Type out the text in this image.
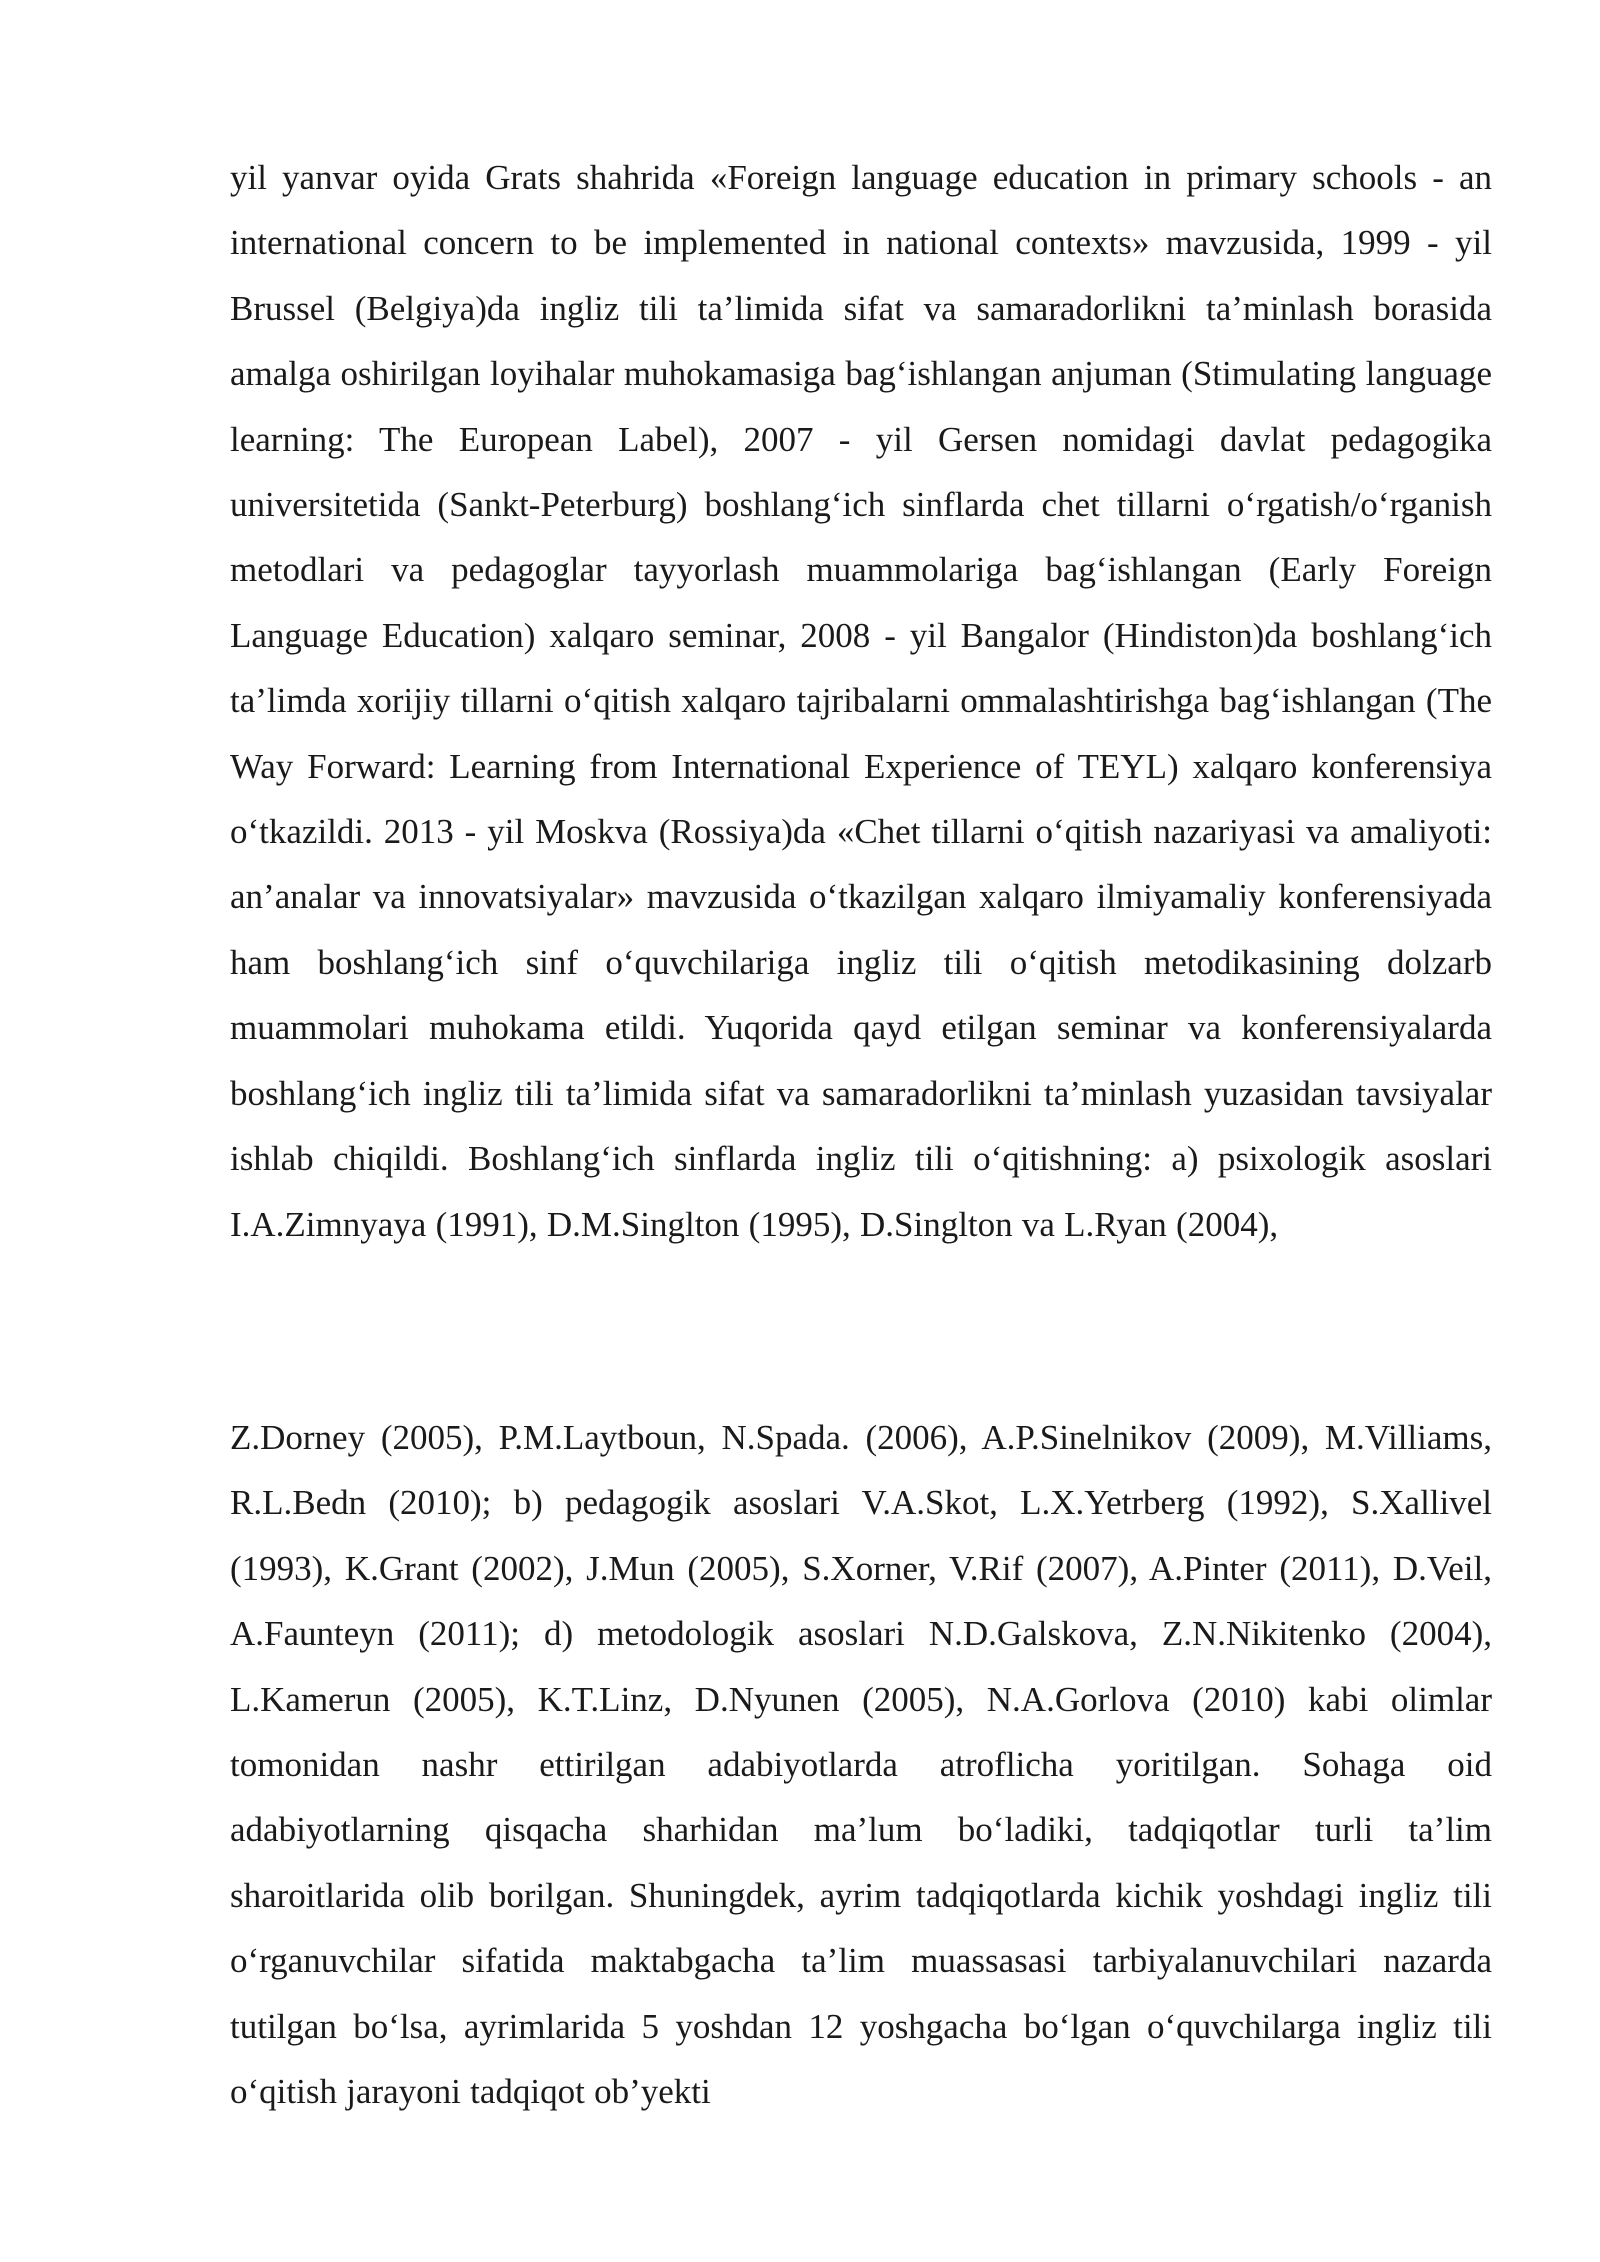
yil yanvar oyida Grats shahrida «Foreign language education in primary schools - an international concern to be implemented in national contexts» mavzusida, 1999 - yil Brussel (Belgiya)da ingliz tili ta’limida sifat va samaradorlikni ta’minlash borasida amalga oshirilgan loyihalar muhokamasiga bag‘ishlangan anjuman (Stimulating language learning: The European Label), 2007 - yil Gersen nomidagi davlat pedagogika universitetida (Sankt-Peterburg) boshlang‘ich sinflarda chet tillarni o‘rgatish/o‘rganish metodlari va pedagoglar tayyorlash muammolariga bag‘ishlangan (Early Foreign Language Education) xalqaro seminar, 2008 - yil Bangalor (Hindiston)da boshlang‘ich ta’limda xorijiy tillarni o‘qitish xalqaro tajribalarni ommalashtirishga bag‘ishlangan (The Way Forward: Learning from International Experience of TEYL) xalqaro konferensiya o‘tkazildi. 2013 - yil Moskva (Rossiya)da «Chet tillarni o‘qitish nazariyasi va amaliyoti: an’analar va innovatsiyalar» mavzusida o‘tkazilgan xalqaro ilmiyamaliy konferensiyada ham boshlang‘ich sinf o‘quvchilariga ingliz tili o‘qitish metodikasining dolzarb muammolari muhokama etildi. Yuqorida qayd etilgan seminar va konferensiyalarda boshlang‘ich ingliz tili ta’limida sifat va samaradorlikni ta’minlash yuzasidan tavsiyalar ishlab chiqildi. Boshlang‘ich sinflarda ingliz tili o‘qitishning: a) psixologik asoslari I.A.Zimnyaya (1991), D.M.Singlton (1995), D.Singlton va L.Ryan (2004),

Z.Dorney (2005), P.M.Laytboun, N.Spada. (2006), A.P.Sinelnikov (2009), M.Villiams, R.L.Bedn (2010); b) pedagogik asoslari V.A.Skot, L.X.Yetrberg (1992), S.Xallivel (1993), K.Grant (2002), J.Mun (2005), S.Xorner, V.Rif (2007), A.Pinter (2011), D.Veil, A.Faunteyn (2011); d) metodologik asoslari N.D.Galskova, Z.N.Nikitenko (2004), L.Kamerun (2005), K.T.Linz, D.Nyunen (2005), N.A.Gorlova (2010) kabi olimlar tomonidan nashr ettirilgan adabiyotlarda atroflicha yoritilgan. Sohaga oid adabiyotlarning qisqacha sharhidan ma’lum bo‘ladiki, tadqiqotlar turli ta’lim sharoitlarida olib borilgan. Shuningdek, ayrim tadqiqotlarda kichik yoshdagi ingliz tili o‘rganuvchilar sifatida maktabgacha ta’lim muassasasi tarbiyalanuvchilari nazarda tutilgan bo‘lsa, ayrimlarida 5 yoshdan 12 yoshgacha bo‘lgan o‘quvchilarga ingliz tili o‘qitish jarayoni tadqiqot ob’yekti
